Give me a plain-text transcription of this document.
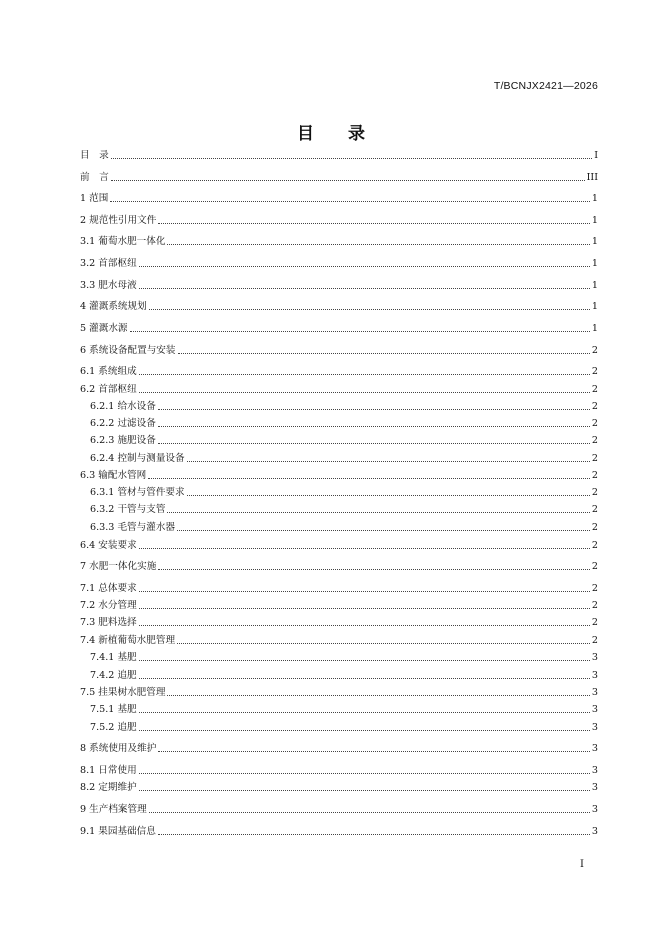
T/BCNJX2421—2026
目 录
目　录	I
前　言	III
1 范围	1
2 规范性引用文件	1
3.1 葡萄水肥一体化	1
3.2 首部枢纽	1
3.3 肥水母液	1
4 灌溉系统规划	1
5 灌溉水源	1
6 系统设备配置与安装	2
6.1 系统组成	2
6.2 首部枢纽	2
6.2.1 给水设备	2
6.2.2 过滤设备	2
6.2.3 施肥设备	2
6.2.4 控制与测量设备	2
6.3 输配水管网	2
6.3.1 管材与管件要求	2
6.3.2 干管与支管	2
6.3.3 毛管与灌水器	2
6.4 安装要求	2
7 水肥一体化实施	2
7.1 总体要求	2
7.2 水分管理	2
7.3 肥料选择	2
7.4 新植葡萄水肥管理	2
7.4.1 基肥	3
7.4.2 追肥	3
7.5 挂果树水肥管理	3
7.5.1 基肥	3
7.5.2 追肥	3
8 系统使用及维护	3
8.1 日常使用	3
8.2 定期维护	3
9 生产档案管理	3
9.1 果园基础信息	3
I
